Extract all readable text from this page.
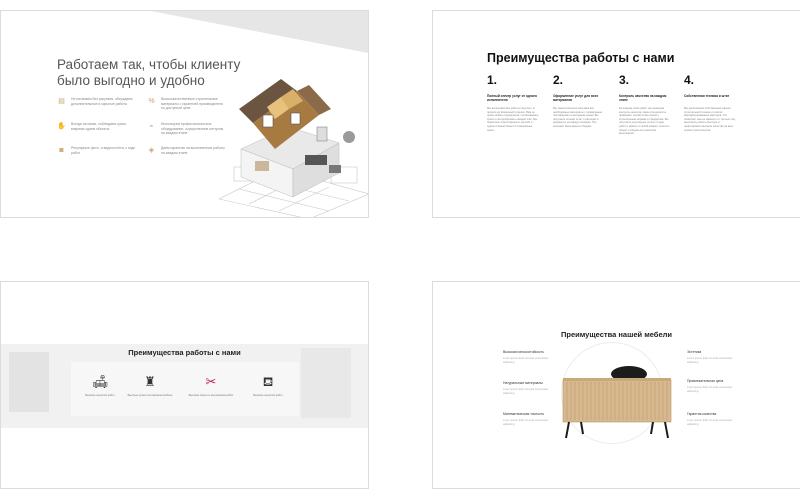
Работаем так, чтобы клиенту было выгодно и удобно
▤	Не начинаем без рисунков, обсуждаем дополнительные и скрытые работы	%	Высококачественные строительные материалы с гарантией производителя по доступной цене
✋ Всегда на связи, соблюдаем сроки, вовремя сдаем объекты	⌁	Используем профессиональное оборудование, осуществляем контроль на каждом этапе
◙	Регулярные фото- и видеоотчёты о ходе работ	◈	Даём гарантию на выполненные работы на каждом этапе
Преимущества работы с нами
1.
Полный спектр услуг от одного исполнителя
Мы выполняем все работы под ключ: от проекта до финальной отделки. Вам не нужно искать подрядчиков, согласовывать сроки и контролировать каждый этап. Мы берём всю ответственность на себя и сдаём готовый объект в оговорённые сроки.
2.
Оформление услуг для всех материалов
Мы самостоятельно закупаем все необходимые материалы у проверенных поставщиков по выгодным ценам. Вы получаете полный отчёт о расходах и документы на каждую позицию. Это экономит ваше время и бюджет.
3.
Контроль качества на каждом этапе
На каждом этапе работ мы проводим контроль качества. Наши специалисты проверяют соответствие проекту, строительным нормам и стандартам. Вы получаете регулярные отчёты о ходе работ и можете в любой момент посетить объект и убедиться в качестве выполнения.
4.
Собственная техника и штат
Мы располагаем собственным парком строительной техники и штатом квалифицированных мастеров. Это позволяет нам не зависеть от третьих лиц, выполнять работы быстрее и гарантировать высокое качество на всех этапах строительства.
Преимущества работы с нами
🛋
Высокое качество работ
♜
Быстрые сроки изготовления мебели
✂
Высокая скорость выполнения работ
⛾
Высокое качество работ
Преимущества нашей мебели
Высокая износостойкость
Lorem ipsum dolor sit amet consectetur adipiscing
Натуральные материалы
Lorem ipsum dolor sit amet consectetur adipiscing
Математическая точность
Lorem ipsum dolor sit amet consectetur adipiscing
Эстетика
Lorem ipsum dolor sit amet consectetur adipiscing
Привлекательная цена
Lorem ipsum dolor sit amet consectetur adipiscing
Гарантия качества
Lorem ipsum dolor sit amet consectetur adipiscing
